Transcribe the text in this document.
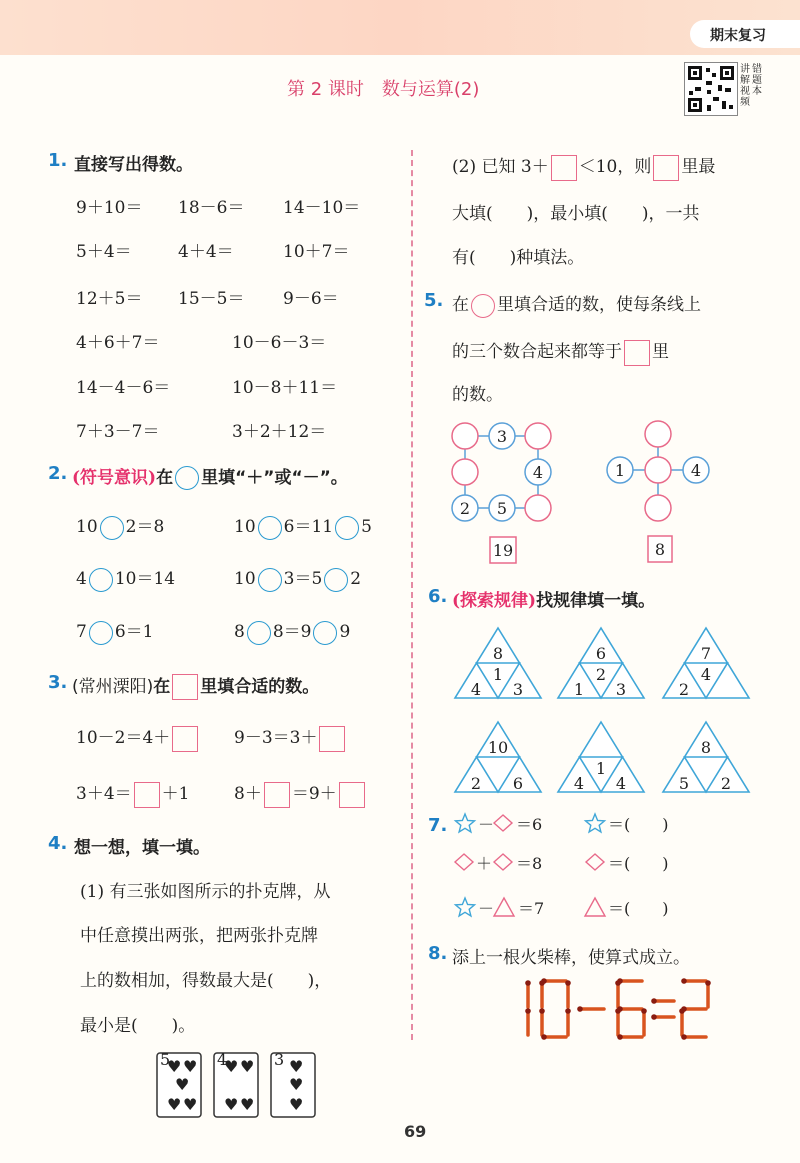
期末复习
第 2 课时　数与运算(2)
讲解视频
错题本
1. 直接写出得数。
9＋10＝ 18－6＝ 14－10＝
5＋4＝	4＋4＝	10＋7＝
12＋5＝ 15－5＝ 9－6＝
4＋6＋7＝	10－6－3＝
14－4－6＝	10－8＋11＝
7＋3－7＝	3＋2＋12＝
2. (符号意识)在 里填“＋”或“－”。
10 2＝8	10 6＝11 5
4 10＝14	10 3＝5 2
7 6＝1	8 8＝9 9
3. (常州溧阳)在 里填合适的数。
10－2＝4＋	9－3＝3＋
3＋4＝ ＋1	8＋ ＝9＋
4. 想一想，填一填。
(1) 有三张如图所示的扑克牌，从
中任意摸出两张，把两张扑克牌
上的数相加，得数最大是(　　)，
最小是(　　)。
5
♥ ♥
♥
♥ ♥
4
♥ ♥
♥ ♥
3 ♥
♥
♥
(2) 已知 3＋ ＜10，则 里最
大填(　　)，最小填(　　)，一共
有(　　)种填法。
5. 在 里填合适的数，使每条线上
的三个数合起来都等于 里
的数。
3
4
2 5
19
1	4
8
6. (探索规律)找规律填一填。
8
1
4 3
6
2
1 3
7
4
2
10
2 6
1
4 4
8
5 2
7. － ＝6	＝(　　)
＋ ＝8	＝(　　)
－ ＝7	＝(　　)
8. 添上一根火柴棒，使算式成立。
69
